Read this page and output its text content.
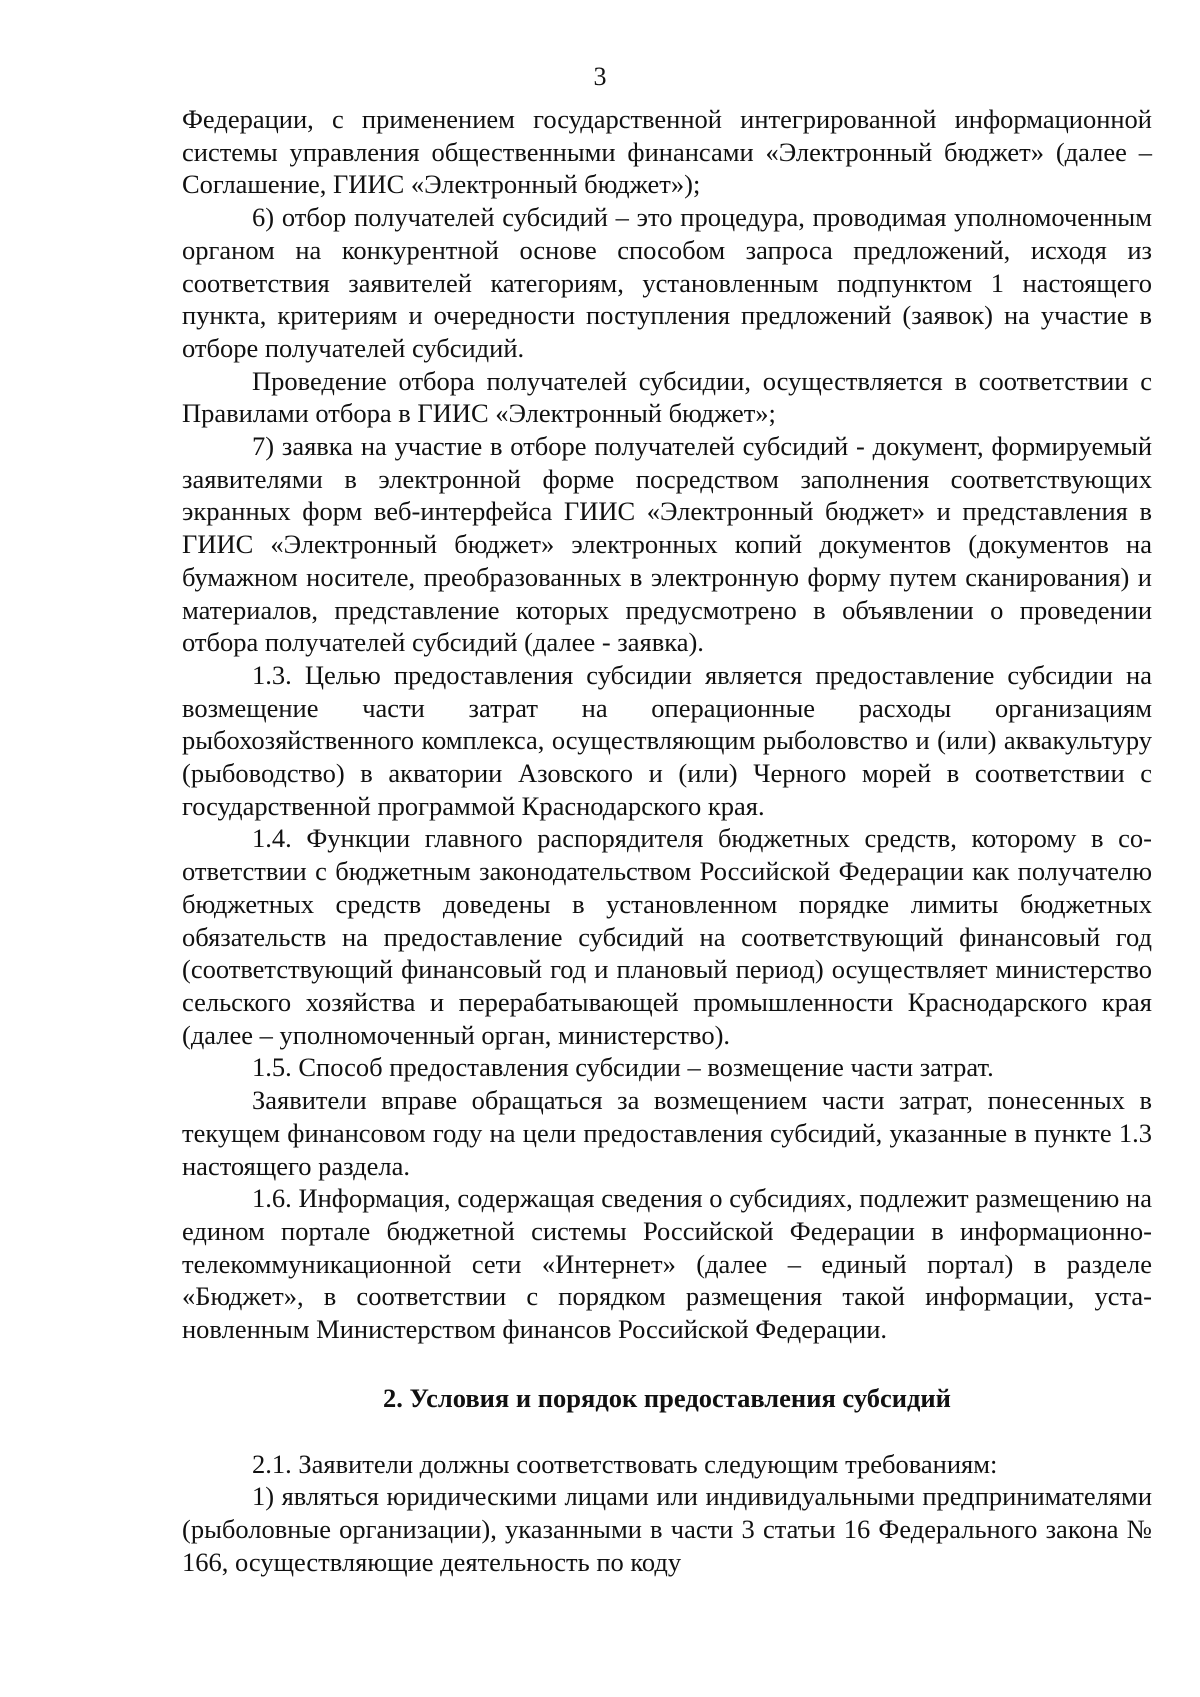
3

Федерации, с применением государственной интегрированной информационной системы управления общественными финансами «Электронный бюджет» (далее – Соглашение, ГИИС «Электронный бюджет»);

6) отбор получателей субсидий – это процедура, проводимая уполномоченным органом на конкурентной основе способом запроса предложений, исходя из соответствия заявителей категориям, установленным подпунктом 1 настоящего пункта, критериям и очередности поступления предложений (заявок) на участие в отборе получателей субсидий.

Проведение отбора получателей субсидии, осуществляется в соответствии с Правилами отбора в ГИИС «Электронный бюджет»;

7) заявка на участие в отборе получателей субсидий - документ, формируемый заявителями в электронной форме посредством заполнения соответствующих экранных форм веб-интерфейса ГИИС «Электронный бюджет» и представления в ГИИС «Электронный бюджет» электронных копий документов (документов на бумажном носителе, преобразованных в электронную форму путем сканирования) и материалов, представление которых предусмотрено в объявлении о проведении отбора получателей субсидий (далее - заявка).

1.3. Целью предоставления субсидии является предоставление субсидии на возмещение части затрат на операционные расходы организациям рыбохозяйственного комплекса, осуществляющим рыболовство и (или) аквакультуру (рыбоводство) в акватории Азовского и (или) Черного морей в соответствии с государственной программой Краснодарского края.

1.4. Функции главного распорядителя бюджетных средств, которому в соответствии с бюджетным законодательством Российской Федерации как получателю бюджетных средств доведены в установленном порядке лимиты бюджетных обязательств на предоставление субсидий на соответствующий финансовый год (соответствующий финансовый год и плановый период) осуществляет министерство сельского хозяйства и перерабатывающей промышленности Краснодарского края (далее – уполномоченный орган, министерство).

1.5. Способ предоставления субсидии – возмещение части затрат.

Заявители вправе обращаться за возмещением части затрат, понесенных в текущем финансовом году на цели предоставления субсидий, указанные в пункте 1.3 настоящего раздела.

1.6. Информация, содержащая сведения о субсидиях, подлежит размещению на едином портале бюджетной системы Российской Федерации в информационно-телекоммуникационной сети «Интернет» (далее – единый портал) в разделе «Бюджет», в соответствии с порядком размещения такой информации, установленным Министерством финансов Российской Федерации.

2. Условия и порядок предоставления субсидий

2.1. Заявители должны соответствовать следующим требованиям:

1) являться юридическими лицами или индивидуальными предпринимателями (рыболовные организации), указанными в части 3 статьи 16 Федерального закона № 166, осуществляющие деятельность по коду
